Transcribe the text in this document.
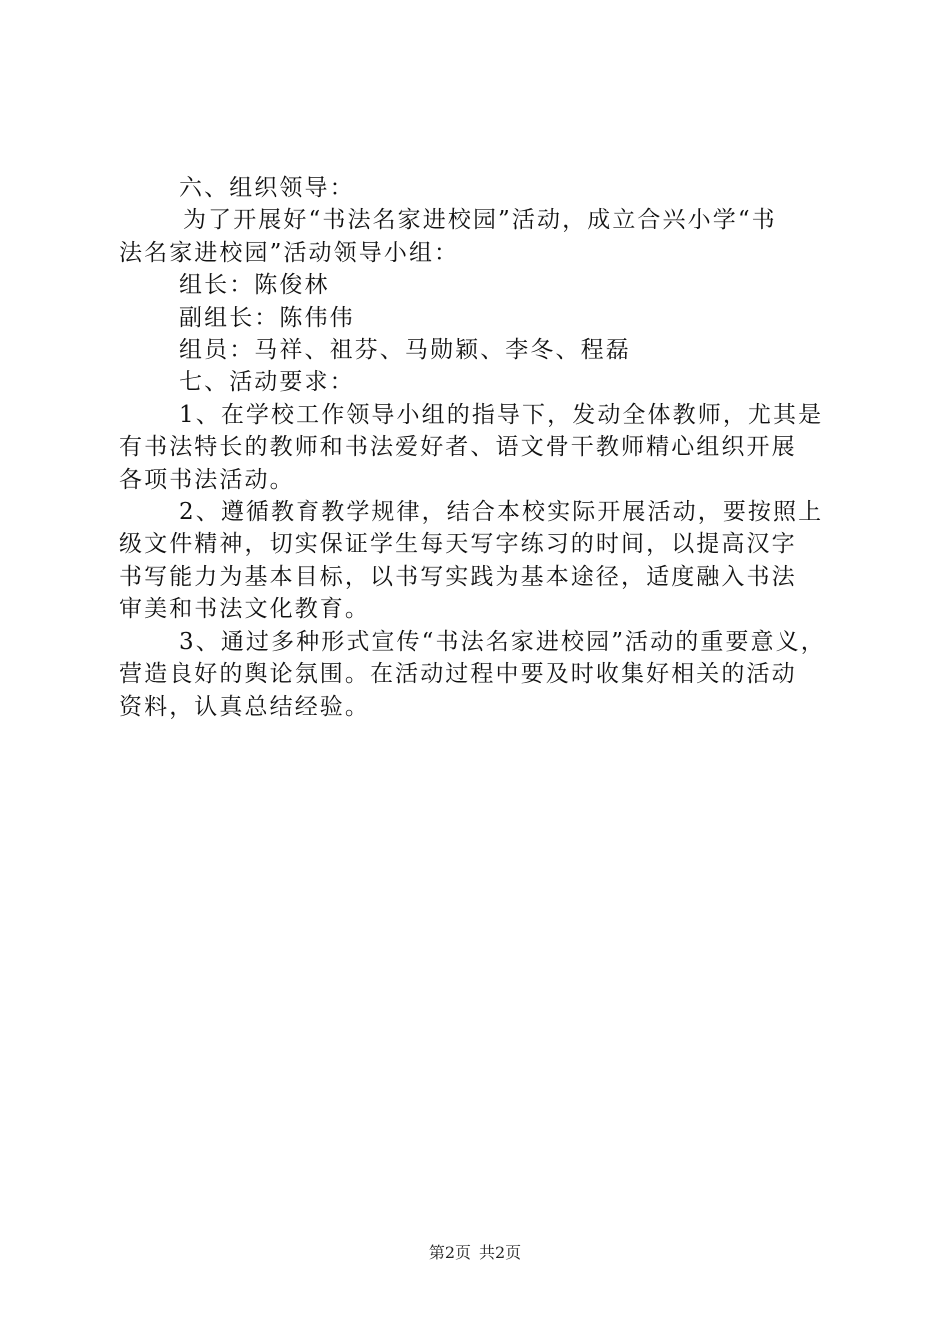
六、组织领导：
为了开展好“书法名家进校园”活动，成立合兴小学“书
法名家进校园”活动领导小组：
组长：陈俊林
副组长：陈伟伟
组员：马祥、祖芬、马勋颖、李冬、程磊
七、活动要求：
1、在学校工作领导小组的指导下，发动全体教师，尤其是
有书法特长的教师和书法爱好者、语文骨干教师精心组织开展
各项书法活动。
2、遵循教育教学规律，结合本校实际开展活动，要按照上
级文件精神，切实保证学生每天写字练习的时间，以提高汉字
书写能力为基本目标，以书写实践为基本途径，适度融入书法
审美和书法文化教育。
3、通过多种形式宣传“书法名家进校园”活动的重要意义，
营造良好的舆论氛围。在活动过程中要及时收集好相关的活动
资料，认真总结经验。
第2页 共2页
